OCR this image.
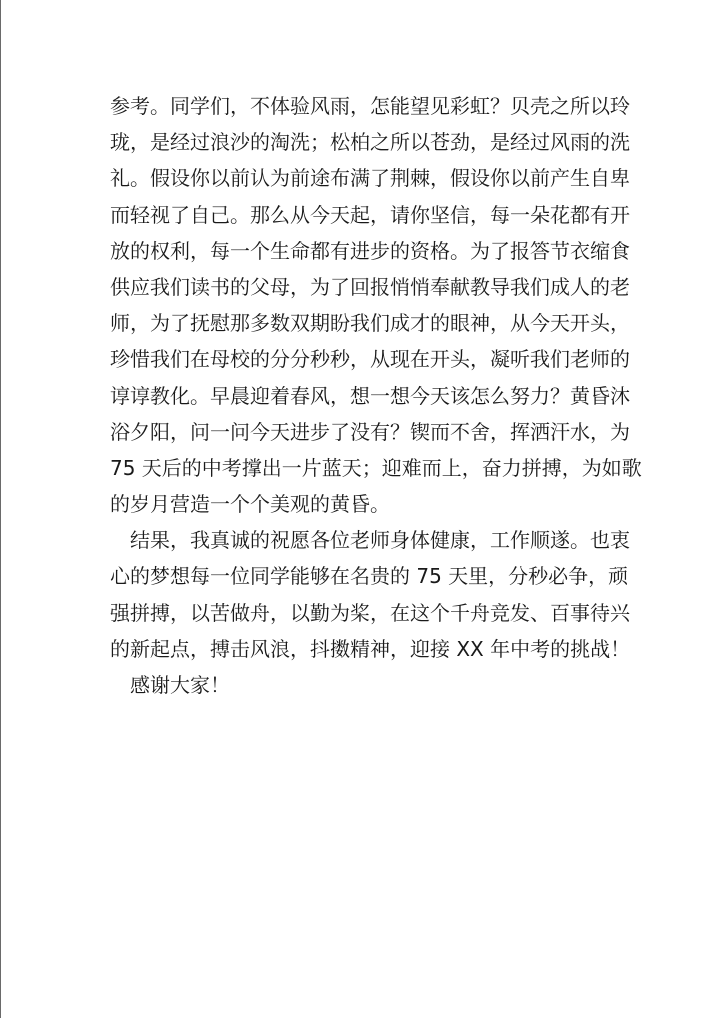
参考。同学们，不体验风雨，怎能望见彩虹？贝壳之所以玲
珑，是经过浪沙的淘洗；松柏之所以苍劲，是经过风雨的洗
礼。假设你以前认为前途布满了荆棘，假设你以前产生自卑
而轻视了自己。那么从今天起，请你坚信，每一朵花都有开
放的权利，每一个生命都有进步的资格。为了报答节衣缩食
供应我们读书的父母，为了回报悄悄奉献教导我们成人的老
师，为了抚慰那多数双期盼我们成才的眼神，从今天开头，
珍惜我们在母校的分分秒秒，从现在开头，凝听我们老师的
谆谆教化。早晨迎着春风，想一想今天该怎么努力？黄昏沐
浴夕阳，问一问今天进步了没有？锲而不舍，挥洒汗水，为
75 天后的中考撑出一片蓝天；迎难而上，奋力拼搏，为如歌
的岁月营造一个个美观的黄昏。
结果，我真诚的祝愿各位老师身体健康，工作顺遂。也衷
心的梦想每一位同学能够在名贵的 75 天里，分秒必争，顽
强拼搏，以苦做舟，以勤为桨，在这个千舟竞发、百事待兴
的新起点，搏击风浪，抖擞精神，迎接 XX 年中考的挑战！
感谢大家！
